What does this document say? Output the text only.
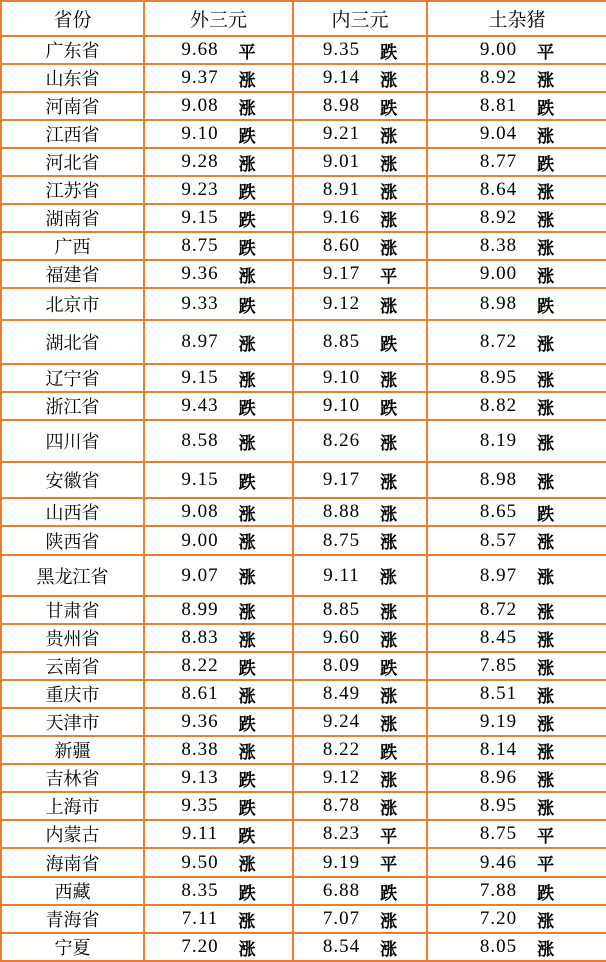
省份	外三元	内三元	土杂猪
广东省	9.68 平	9.35 跌	9.00 平

山东省	9.37 涨	9.14 涨	8.92 涨

河南省	9.08 涨	8.98 跌	8.81 跌

江西省	9.10 跌	9.21 涨	9.04 涨

河北省	9.28 涨	9.01 涨	8.77 跌

江苏省	9.23 跌	8.91 涨	8.64 涨

湖南省	9.15 跌	9.16 涨	8.92 涨

广西	8.75 跌	8.60 涨	8.38 涨

福建省	9.36 涨	9.17 平	9.00 涨

北京市	9.33 跌	9.12 涨	8.98 跌

湖北省	8.97 涨	8.85 跌	8.72 涨

辽宁省	9.15 涨	9.10 涨	8.95 涨

浙江省	9.43 跌	9.10 跌	8.82 涨

四川省	8.58 涨	8.26 涨	8.19 涨

安徽省	9.15 跌	9.17 涨	8.98 涨

山西省	9.08 涨	8.88 涨	8.65 跌

陕西省	9.00 涨	8.75 涨	8.57 涨

黑龙江省	9.07 涨	9.11 涨	8.97 涨

甘肃省	8.99 涨	8.85 涨	8.72 涨

贵州省	8.83 涨	9.60 涨	8.45 涨

云南省	8.22 跌	8.09 跌	7.85 涨

重庆市	8.61 涨	8.49 涨	8.51 涨

天津市	9.36 跌	9.24 涨	9.19 涨

新疆	8.38 涨	8.22 跌	8.14 涨

吉林省	9.13 跌	9.12 涨	8.96 涨

上海市	9.35 跌	8.78 涨	8.95 涨

内蒙古	9.11 跌	8.23 平	8.75 平

海南省	9.50 涨	9.19 平	9.46 平

西藏	8.35 跌	6.88 跌	7.88 跌

青海省	7.11 涨	7.07 涨	7.20 涨

宁夏	7.20 涨	8.54 涨	8.05 涨
